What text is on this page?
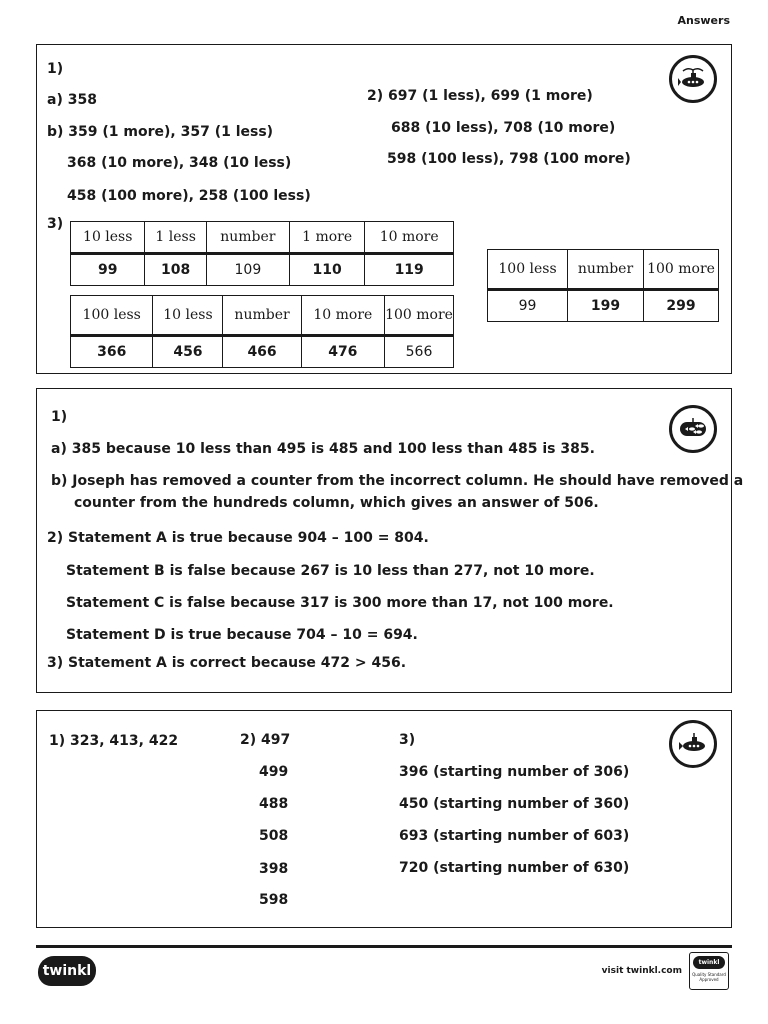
Answers
1)
a) 358
b) 359 (1 more), 357 (1 less)
368 (10 more), 348 (10 less)
458 (100 more), 258 (100 less)
2) 697 (1 less), 699 (1 more)
688 (10 less), 708 (10 more)
598 (100 less), 798 (100 more)
3)
10 less	1 less	number	1 more	10 more
99	108	109	110	119
100 less	10 less	number	10 more	100 more
366	456	466	476	566
100 less	number	100 more
99	199	299
1)
a) 385 because 10 less than 495 is 485 and 100 less than 485 is 385.
b) Joseph has removed a counter from the incorrect column. He should have removed a
counter from the hundreds column, which gives an answer of 506.
2) Statement A is true because 904 – 100 = 804.
Statement B is false because 267 is 10 less than 277, not 10 more.
Statement C is false because 317 is 300 more than 17, not 100 more.
Statement D is true because 704 – 10 = 694.
3) Statement A is correct because 472 > 456.
1) 323, 413, 422	2) 497
499
488
508
398
598
3)
396 (starting number of 306)
450 (starting number of 360)
693 (starting number of 603)
720 (starting number of 630)
twinkl	visit twinkl.com
twinkl
Quality Standard Approved
